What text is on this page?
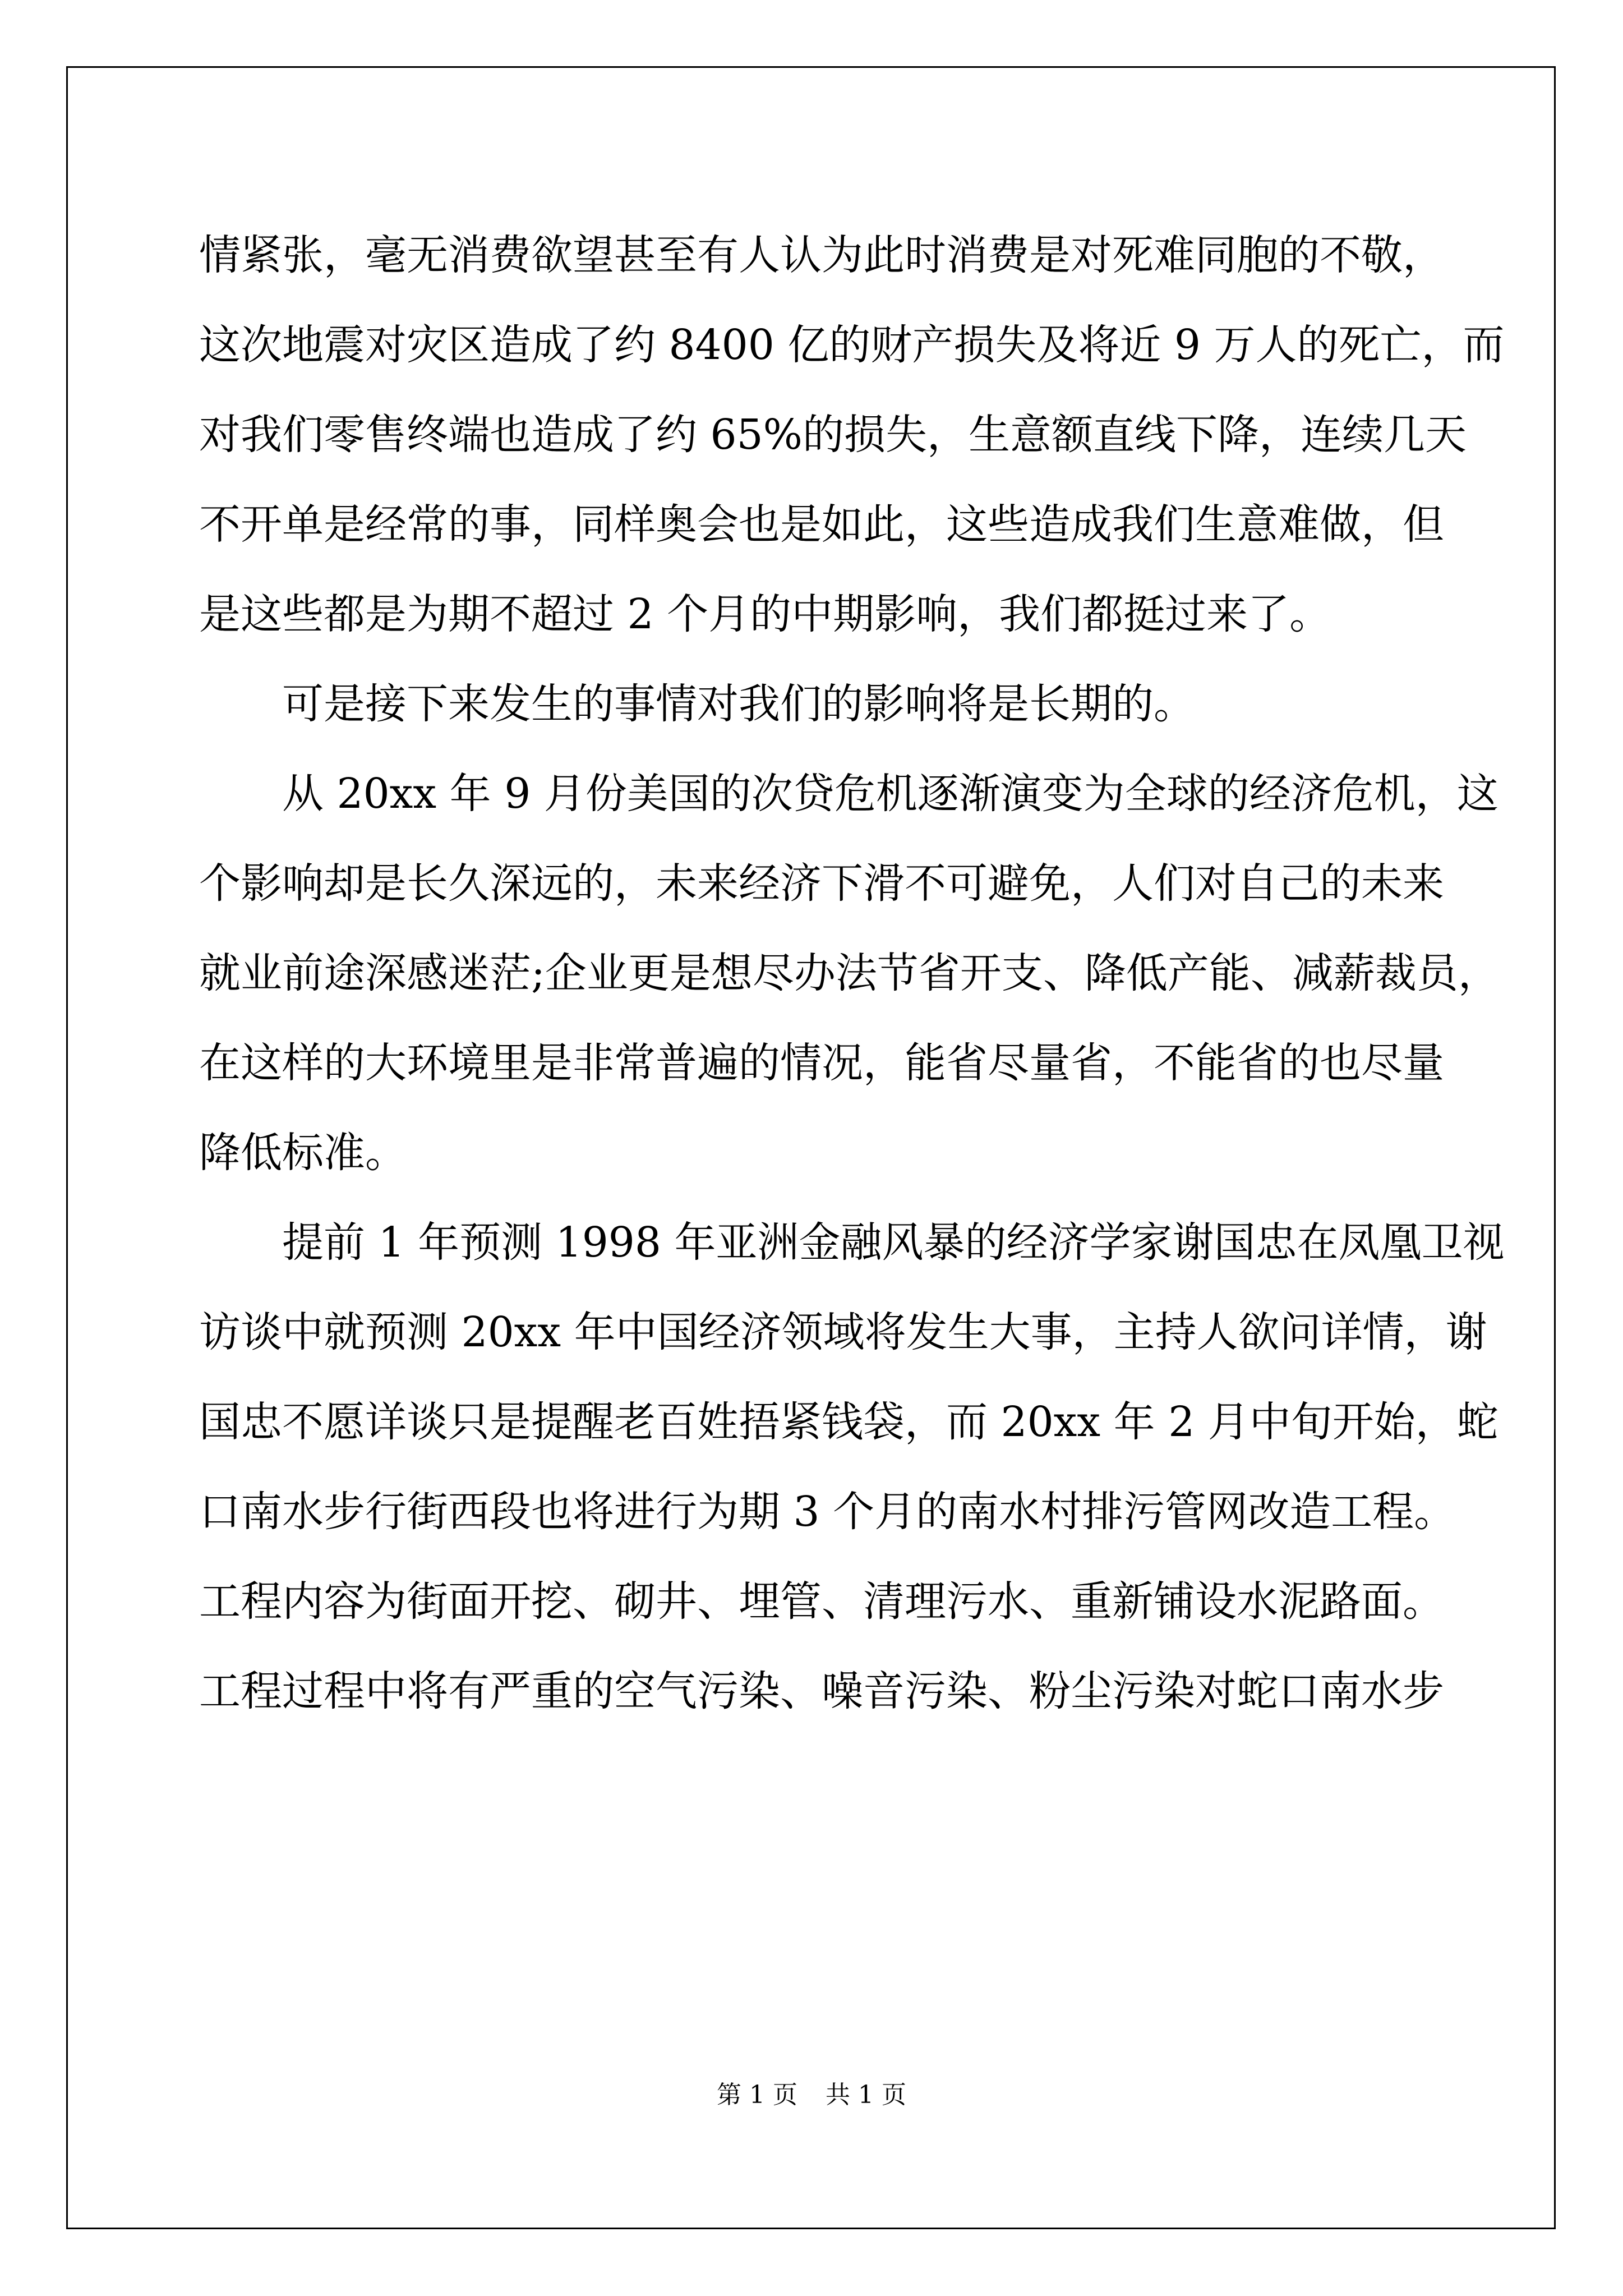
情紧张，毫无消费欲望甚至有人认为此时消费是对死难同胞的不敬，
这次地震对灾区造成了约 8400 亿的财产损失及将近 9 万人的死亡，而
对我们零售终端也造成了约 65%的损失，生意额直线下降，连续几天
不开单是经常的事，同样奥会也是如此，这些造成我们生意难做，但
是这些都是为期不超过 2 个月的中期影响，我们都挺过来了。
可是接下来发生的事情对我们的影响将是长期的。
从 20xx 年 9 月份美国的次贷危机逐渐演变为全球的经济危机，这
个影响却是长久深远的，未来经济下滑不可避免，人们对自己的未来
就业前途深感迷茫;企业更是想尽办法节省开支、降低产能、减薪裁员，
在这样的大环境里是非常普遍的情况，能省尽量省，不能省的也尽量
降低标准。
提前 1 年预测 1998 年亚洲金融风暴的经济学家谢国忠在凤凰卫视
访谈中就预测 20xx 年中国经济领域将发生大事，主持人欲问详情，谢
国忠不愿详谈只是提醒老百姓捂紧钱袋，而 20xx 年 2 月中旬开始，蛇
口南水步行街西段也将进行为期 3 个月的南水村排污管网改造工程。
工程内容为街面开挖、砌井、埋管、清理污水、重新铺设水泥路面。
工程过程中将有严重的空气污染、噪音污染、粉尘污染对蛇口南水步
第 1 页 共 1 页
